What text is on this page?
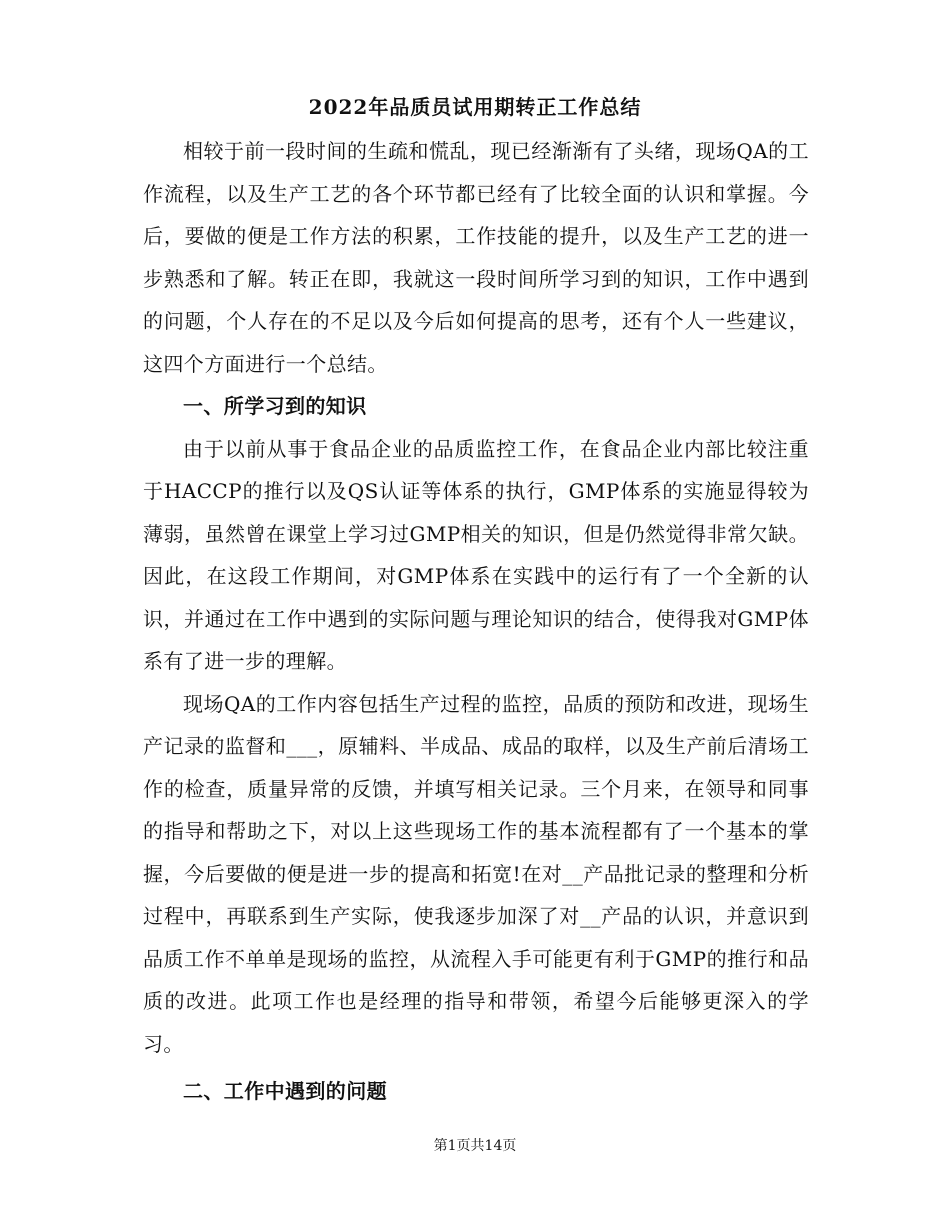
2022年品质员试用期转正工作总结

相较于前一段时间的生疏和慌乱，现已经渐渐有了头绪，现场QA的工作流程，以及生产工艺的各个环节都已经有了比较全面的认识和掌握。今后，要做的便是工作方法的积累，工作技能的提升，以及生产工艺的进一步熟悉和了解。转正在即，我就这一段时间所学习到的知识，工作中遇到的问题，个人存在的不足以及今后如何提高的思考，还有个人一些建议，这四个方面进行一个总结。

一、所学习到的知识

由于以前从事于食品企业的品质监控工作，在食品企业内部比较注重于HACCP的推行以及QS认证等体系的执行，GMP体系的实施显得较为薄弱，虽然曾在课堂上学习过GMP相关的知识，但是仍然觉得非常欠缺。因此，在这段工作期间，对GMP体系在实践中的运行有了一个全新的认识，并通过在工作中遇到的实际问题与理论知识的结合，使得我对GMP体系有了进一步的理解。

现场QA的工作内容包括生产过程的监控，品质的预防和改进，现场生产记录的监督和___，原辅料、半成品、成品的取样，以及生产前后清场工作的检查，质量异常的反馈，并填写相关记录。三个月来，在领导和同事的指导和帮助之下，对以上这些现场工作的基本流程都有了一个基本的掌握，今后要做的便是进一步的提高和拓宽!在对__产品批记录的整理和分析过程中，再联系到生产实际，使我逐步加深了对__产品的认识，并意识到品质工作不单单是现场的监控，从流程入手可能更有利于GMP的推行和品质的改进。此项工作也是经理的指导和带领，希望今后能够更深入的学习。

二、工作中遇到的问题

第1页共14页
